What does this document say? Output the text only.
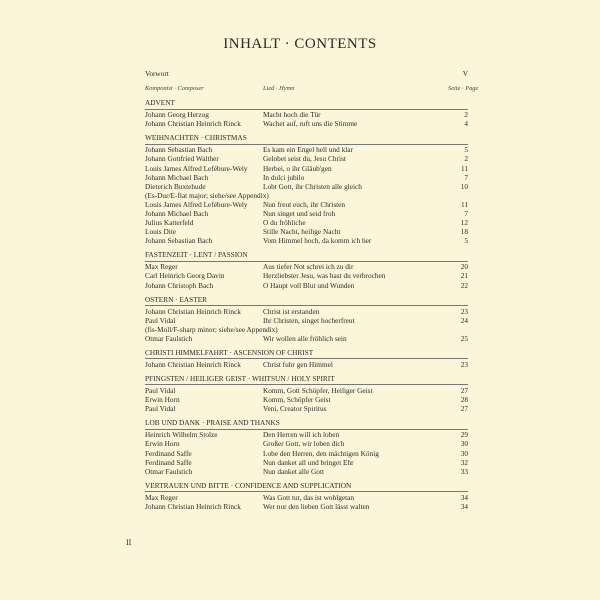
INHALT · CONTENTS
Vorwort	V
Komponist · Composer	Lied · Hymn	Seite · Page
ADVENT
Johann Georg Herzog	Macht hoch die Tür	2
Johann Christian Heinrich Rinck	Wachet auf, ruft uns die Stimme	4
WEIHNACHTEN · CHRISTMAS
Johann Sebastian Bach	Es kam ein Engel hell und klar	5
Johann Gottfried Walther	Gelobet seist du, Jesu Christ	2
Louis James Alfred Lefébure-Wely	Herbei, o ihr Gläub'gen	11
Johann Michael Bach	In dulci jubilo	7
Dieterich Buxtehude	Lobt Gott, ihr Christen alle gleich	10
(Es-Dur/E-flat major; siehe/see Appendix)
Louis James Alfred Lefébure-Wely	Nun freut euch, ihr Christen	11
Johann Michael Bach	Nun singet und seid froh	7
Julius Katterfeld	O du fröhliche	12
Louis Dite	Stille Nacht, heilige Nacht	18
Johann Sebastian Bach	Vom Himmel hoch, da komm ich her	5
FASTENZEIT · LENT / PASSION
Max Reger	Aus tiefer Not schrei ich zu dir	20
Carl Heinrich Georg Davin	Herzliebster Jesu, was hast du verbrochen	21
Johann Christoph Bach	O Haupt voll Blut und Wunden	22
OSTERN · EASTER
Johann Christian Heinrich Rinck	Christ ist erstanden	23
Paul Vidal	Ihr Christen, singet hocherfreut	24
(fis-Moll/F-sharp minor; siehe/see Appendix)
Otmar Faulstich	Wir wollen alle fröhlich sein	25
CHRISTI HIMMELFAHRT · ASCENSION OF CHRIST
Johann Christian Heinrich Rinck	Christ fuhr gen Himmel	23
PFINGSTEN / HEILIGER GEIST · WHITSUN / HOLY SPIRIT
Paul Vidal	Komm, Gott Schöpfer, Heiliger Geist	27
Erwin Horn	Komm, Schöpfer Geist	28
Paul Vidal	Veni, Creator Spiritus	27
LOB UND DANK · PRAISE AND THANKS
Heinrich Wilhelm Stolze	Den Herren will ich loben	29
Erwin Horn	Großer Gott, wir loben dich	30
Ferdinand Saffe	Lobe den Herren, den mächtigen König	30
Ferdinand Saffe	Nun danket all und bringet Ehr	32
Otmar Faulstich	Nun danket alle Gott	33
VERTRAUEN UND BITTE · CONFIDENCE AND SUPPLICATION
Max Reger	Was Gott tut, das ist wohlgetan	34
Johann Christian Heinrich Rinck	Wer nur den lieben Gott lässt walten	34
II
